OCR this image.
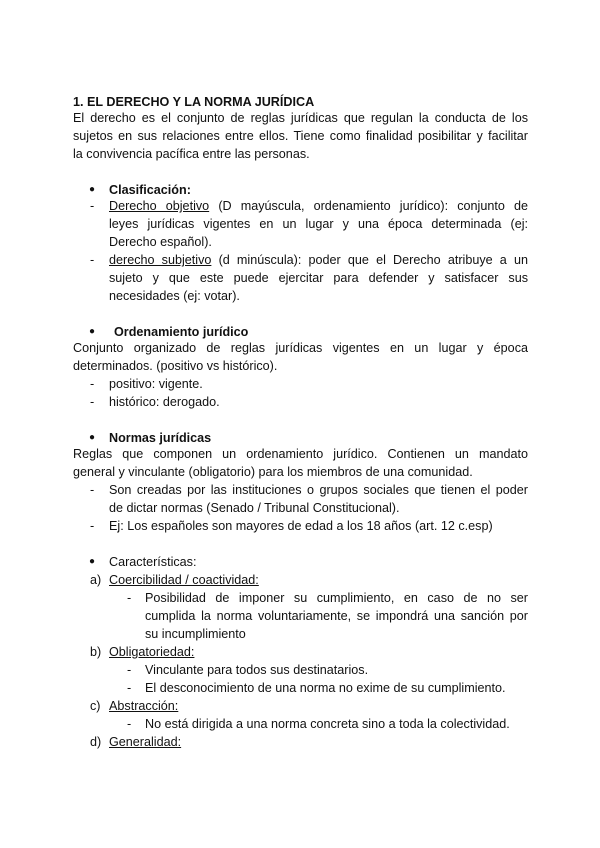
1. EL DERECHO Y LA NORMA JURÍDICA

El derecho es el conjunto de reglas jurídicas que regulan la conducta de los

sujetos en sus relaciones entre ellos. Tiene como finalidad posibilitar y facilitar

la convivencia pacífica entre las personas.

● Clasificación:

- Derecho objetivo (D mayúscula, ordenamiento jurídico): conjunto de

leyes jurídicas vigentes en un lugar y una época determinada (ej:

Derecho español).

- derecho subjetivo (d minúscula): poder que el Derecho atribuye a un

sujeto y que este puede ejercitar para defender y satisfacer sus

necesidades (ej: votar).

● Ordenamiento jurídico

Conjunto organizado de reglas jurídicas vigentes en un lugar y época

determinados. (positivo vs histórico).

- positivo: vigente.

- histórico: derogado.

● Normas jurídicas

Reglas que componen un ordenamiento jurídico. Contienen un mandato

general y vinculante (obligatorio) para los miembros de una comunidad.

- Son creadas por las instituciones o grupos sociales que tienen el poder

de dictar normas (Senado / Tribunal Constitucional).

- Ej: Los españoles son mayores de edad a los 18 años (art. 12 c.esp)

● Características:

a) Coercibilidad / coactividad:

- Posibilidad de imponer su cumplimiento, en caso de no ser

cumplida la norma voluntariamente, se impondrá una sanción por

su incumplimiento

b) Obligatoriedad:

- Vinculante para todos sus destinatarios.

- El desconocimiento de una norma no exime de su cumplimiento.

c) Abstracción:

- No está dirigida a una norma concreta sino a toda la colectividad.

d) Generalidad:
